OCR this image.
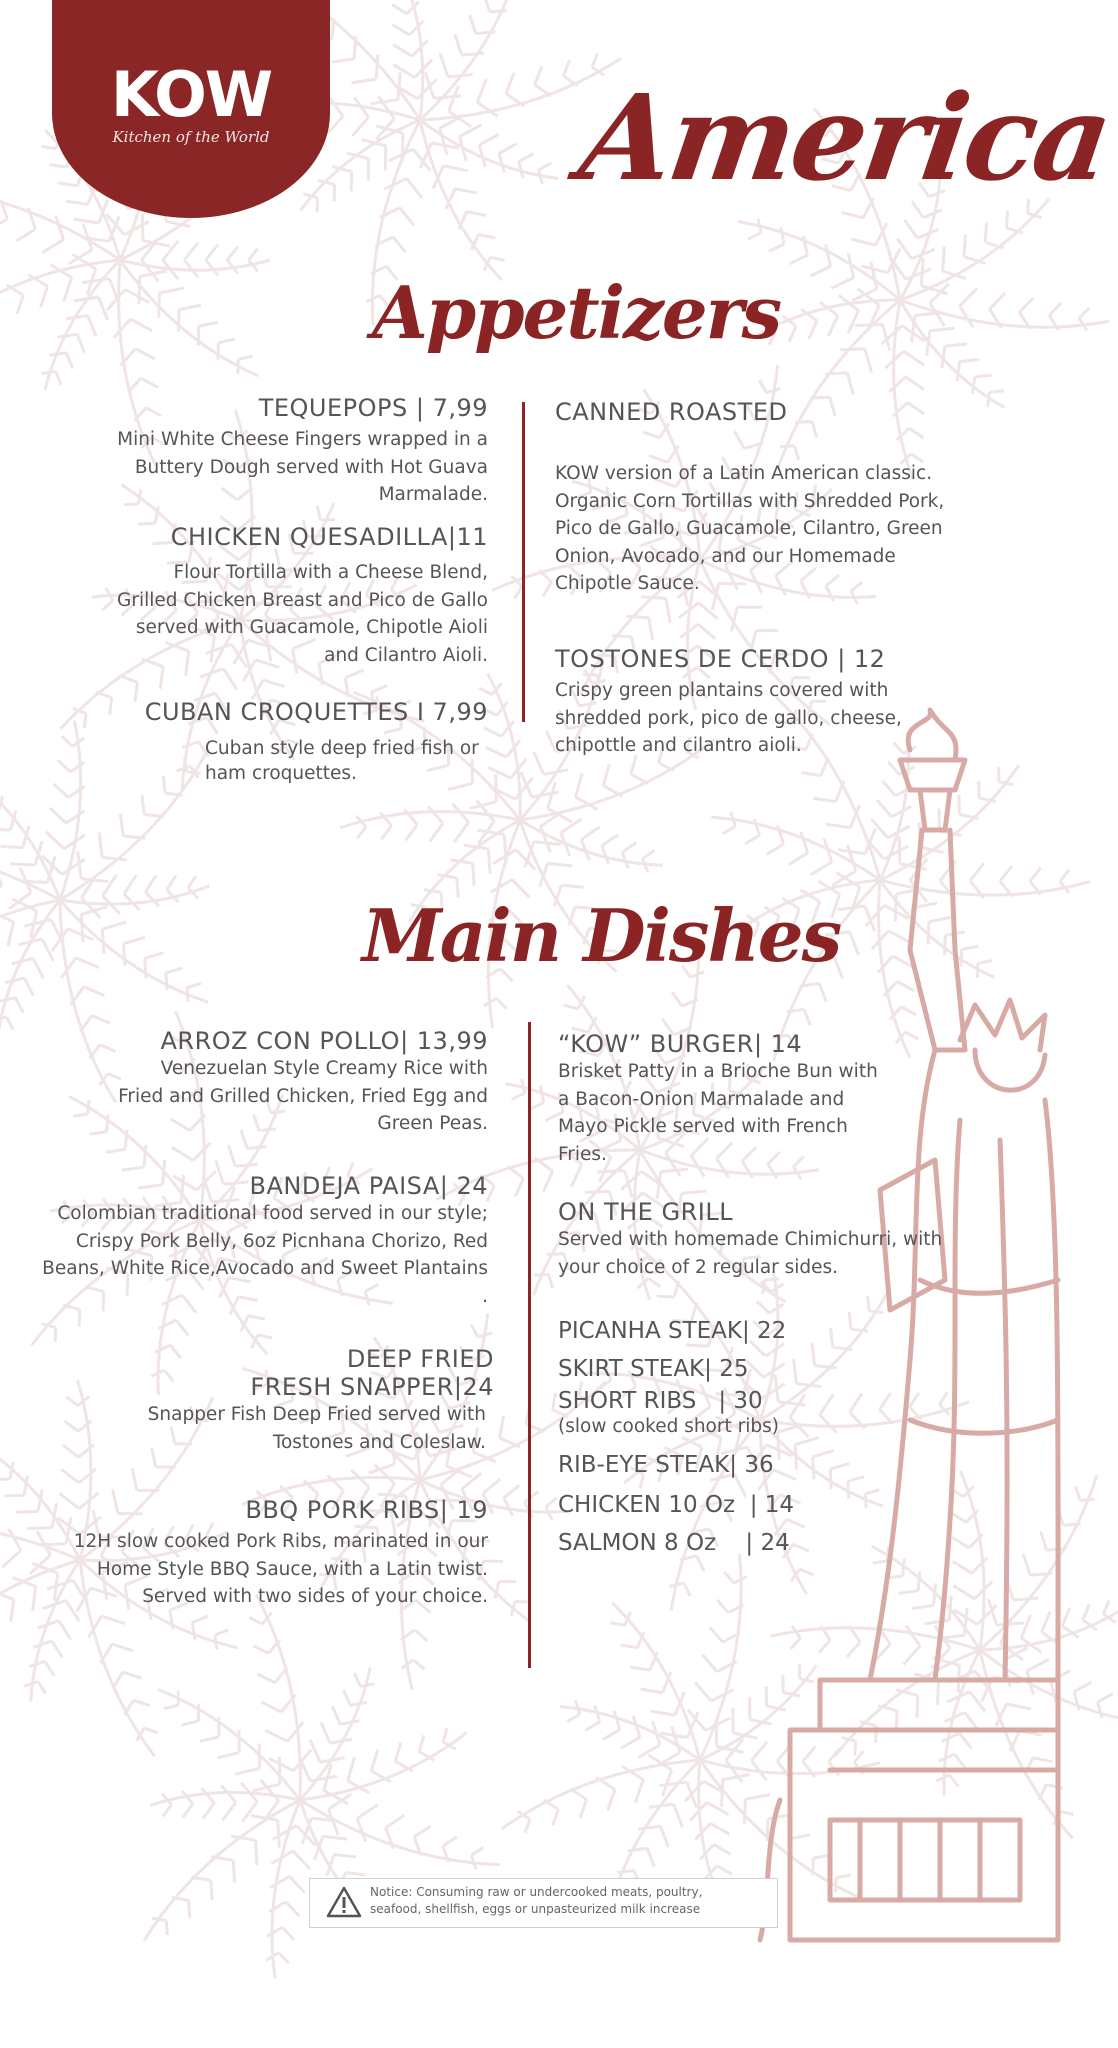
KOW
Kitchen of the World	America
Appetizers
TEQUEPOPS | 7,99
Mini White Cheese Fingers wrapped in a Buttery Dough served with Hot Guava Marmalade.
CHICKEN QUESADILLA|11
Flour Tortilla with a Cheese Blend, Grilled Chicken Breast and Pico de Gallo served with Guacamole, Chipotle Aioli and Cilantro Aioli.
CUBAN CROQUETTES I 7,99
Cuban style deep fried fish or ham croquettes.
CANNED ROASTED
KOW version of a Latin American classic. Organic Corn Tortillas with Shredded Pork, Pico de Gallo, Guacamole, Cilantro, Green Onion, Avocado, and our Homemade Chipotle Sauce.
TOSTONES DE CERDO | 12
Crispy green plantains covered with shredded pork, pico de gallo, cheese, chipottle and cilantro aioli.
Main Dishes
ARROZ CON POLLO| 13,99
Venezuelan Style Creamy Rice with Fried and Grilled Chicken, Fried Egg and Green Peas.
BANDEJA PAISA| 24
Colombian traditional food served in our style; Crispy Pork Belly, 6oz Picnhana Chorizo, Red Beans, White Rice,Avocado and Sweet Plantains .
DEEP FRIED
FRESH SNAPPER|24
Snapper Fish Deep Fried served with Tostones and Coleslaw.
BBQ PORK RIBS| 19
12H slow cooked Pork Ribs, marinated in our Home Style BBQ Sauce, with a Latin twist. Served with two sides of your choice.
“KOW” BURGER| 14
Brisket Patty in a Brioche Bun with a Bacon-Onion Marmalade and Mayo Pickle served with French Fries.
ON THE GRILL
Served with homemade Chimichurri, with your choice of 2 regular sides.
PICANHA STEAK| 22
SKIRT STEAK| 25
SHORT RIBS   | 30
(slow cooked short ribs)
RIB-EYE STEAK| 36
CHICKEN 10 Oz  | 14
SALMON 8 Oz    | 24
Notice: Consuming raw or undercooked meats, poultry,
seafood, shellfish, eggs or unpasteurized milk increase
